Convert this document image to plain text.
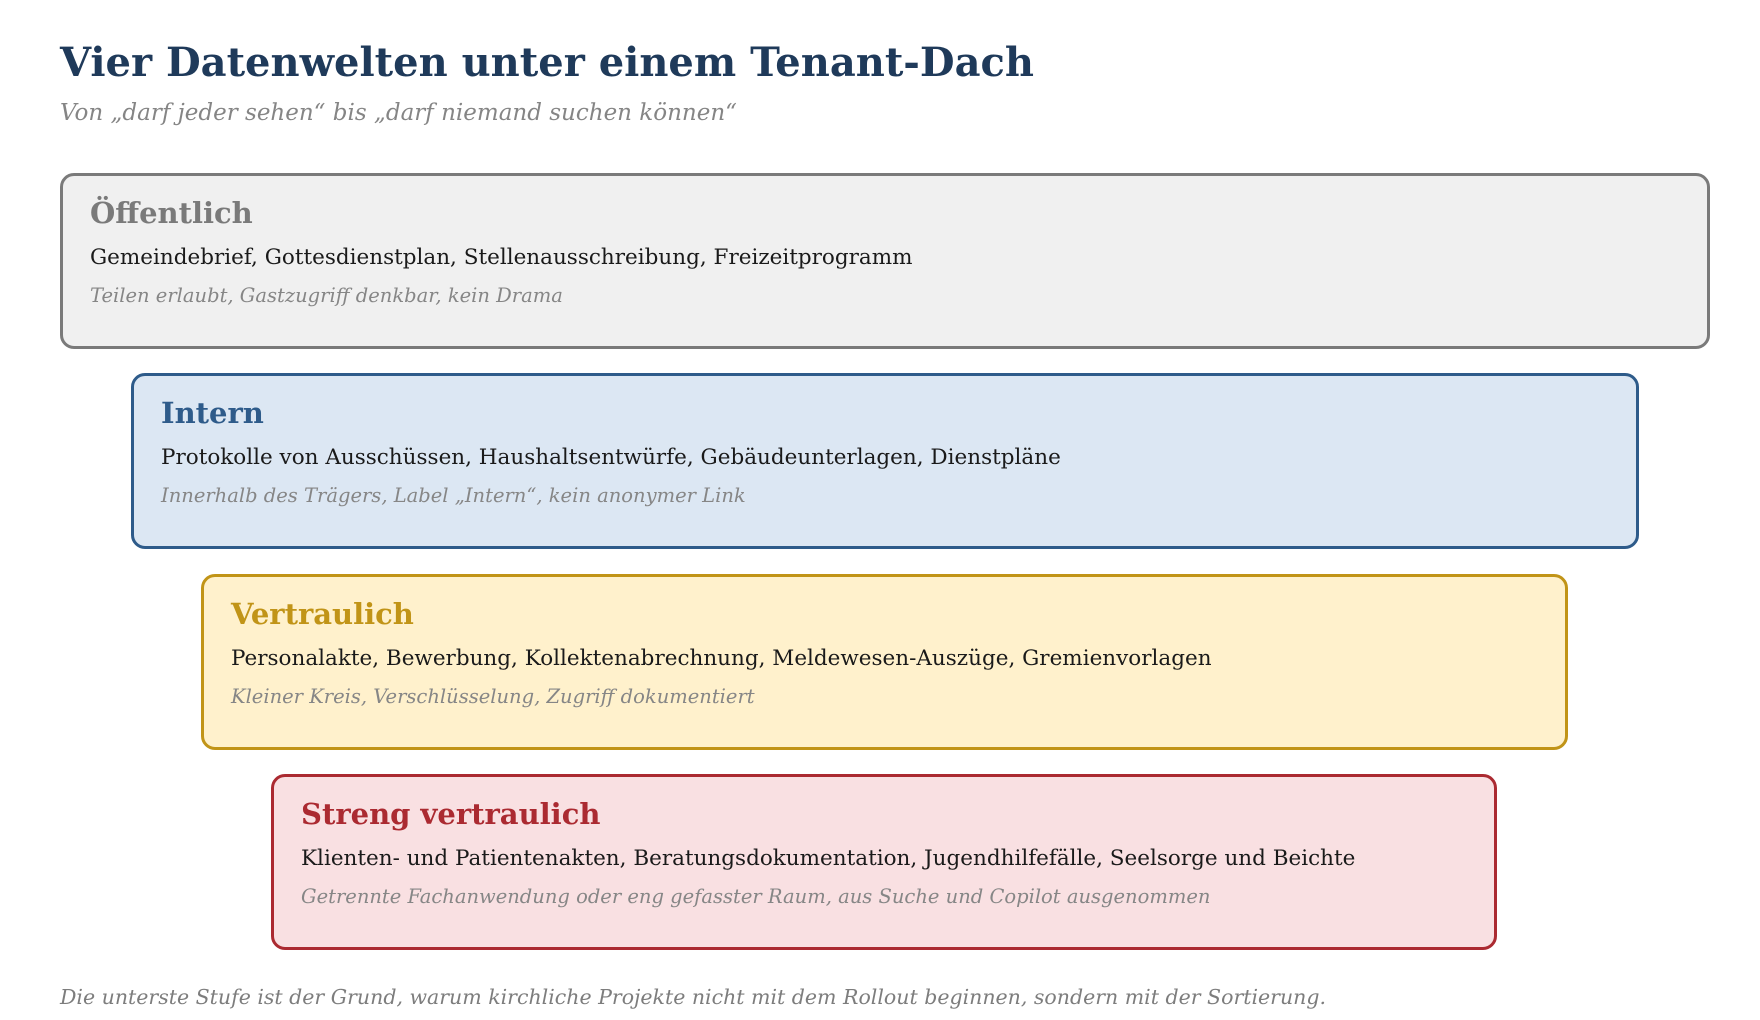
Vier Datenwelten unter einem Tenant-Dach

Von „darf jeder sehen“ bis „darf niemand suchen können“

Öffentlich

Gemeindebrief, Gottesdienstplan, Stellenausschreibung, Freizeitprogramm

Teilen erlaubt, Gastzugriff denkbar, kein Drama

Intern

Protokolle von Ausschüssen, Haushaltsentwürfe, Gebäudeunterlagen, Dienstpläne

Innerhalb des Trägers, Label „Intern“, kein anonymer Link

Vertraulich

Personalakte, Bewerbung, Kollektenabrechnung, Meldewesen-Auszüge, Gremienvorlagen

Kleiner Kreis, Verschlüsselung, Zugriff dokumentiert

Streng vertraulich

Klienten- und Patientenakten, Beratungsdokumentation, Jugendhilfefälle, Seelsorge und Beichte

Getrennte Fachanwendung oder eng gefasster Raum, aus Suche und Copilot ausgenommen

Die unterste Stufe ist der Grund, warum kirchliche Projekte nicht mit dem Rollout beginnen, sondern mit der Sortierung.
